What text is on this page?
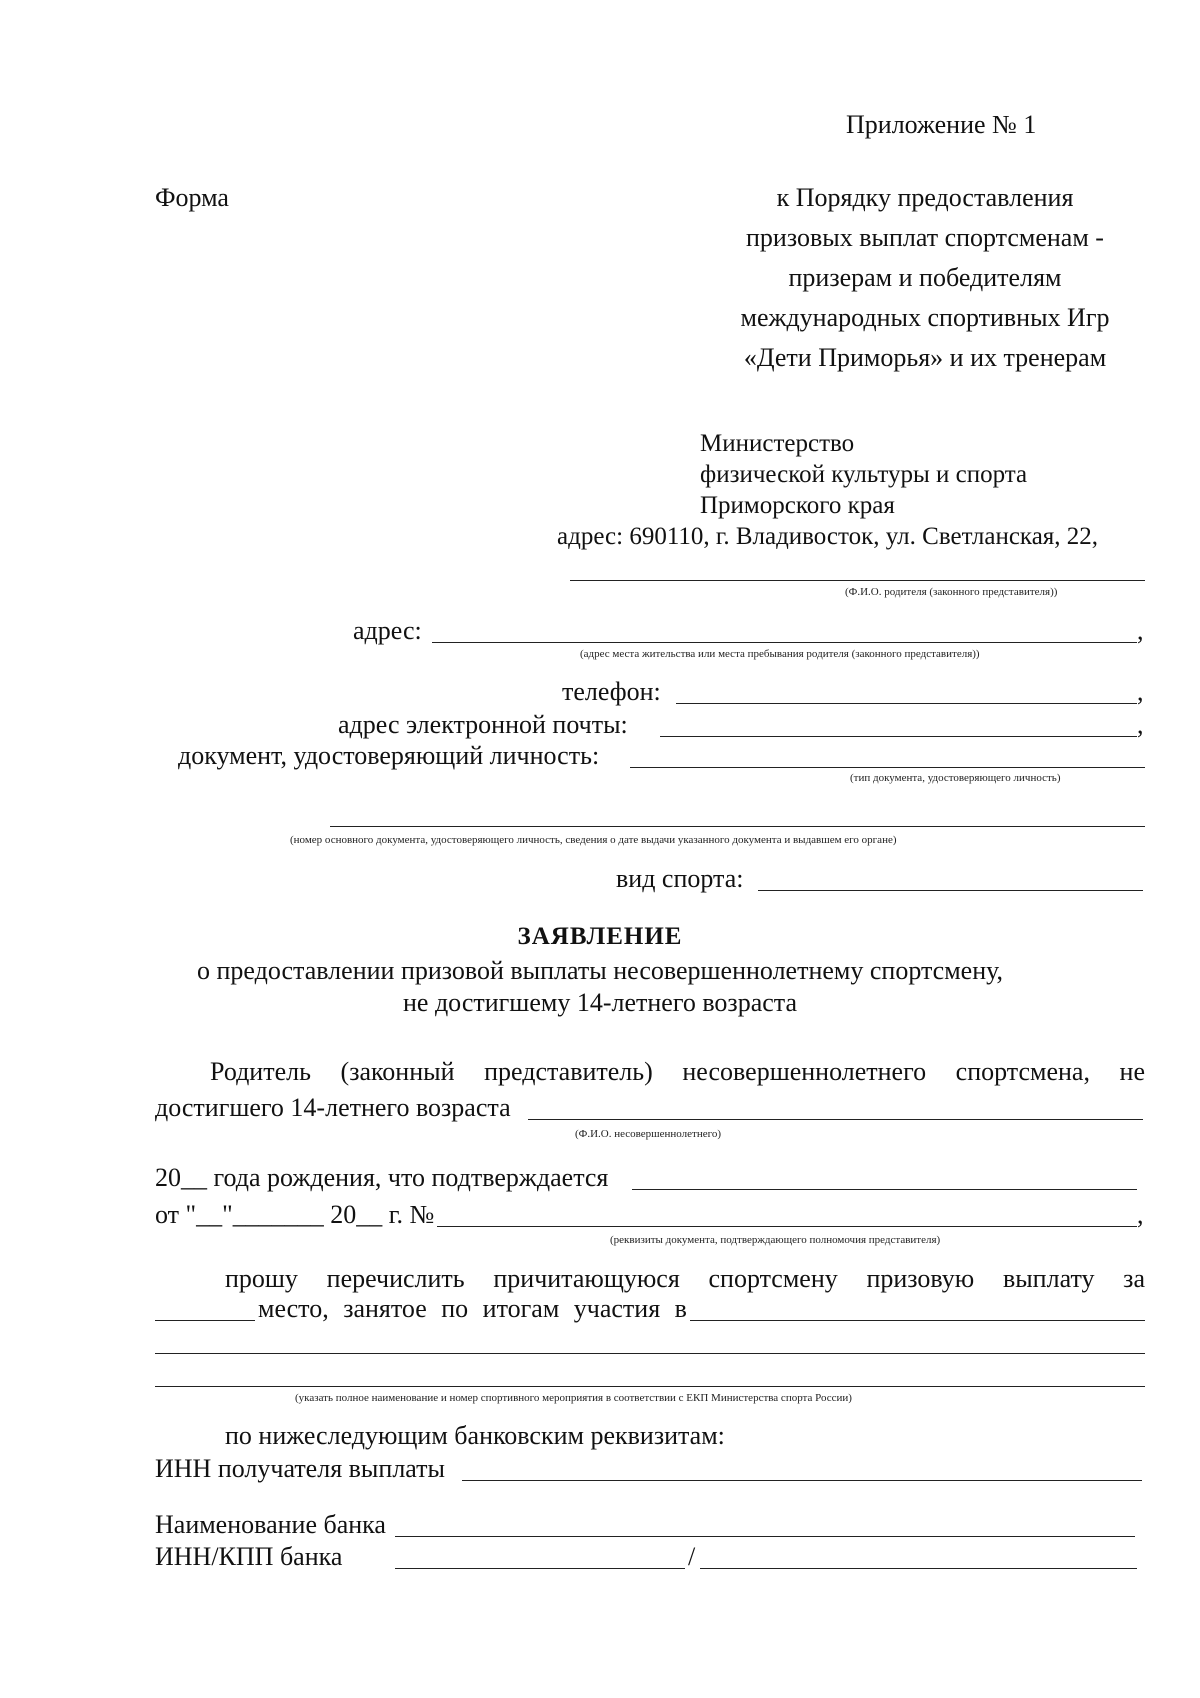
Приложение № 1
Форма	к Порядку предоставления
призовых выплат спортсменам -
призерам и победителям
международных спортивных Игр
«Дети Приморья» и их тренерам
Министерство
физической культуры и спорта
Приморского края
адрес: 690110, г. Владивосток, ул. Светланская, 22,
(Ф.И.О. родителя (законного представителя))
адрес:	,
(адрес места жительства или места пребывания родителя (законного представителя))
телефон:	,
адрес электронной почты:	,
документ, удостоверяющий личность:
(тип документа, удостоверяющего личность)
(номер основного документа, удостоверяющего личность, сведения о дате выдачи указанного документа и выдавшем его органе)
вид спорта:
ЗАЯВЛЕНИЕ
о предоставлении призовой выплаты несовершеннолетнему спортсмену,
не достигшему 14-летнего возраста
Родитель (законный представитель) несовершеннолетнего спортсмена, не
достигшего 14-летнего возраста
(Ф.И.О. несовершеннолетнего)
20__ года рождения, что подтверждается
от "__"_______ 20__ г. №	,
(реквизиты документа, подтверждающего полномочия представителя)
прошу перечислить причитающуюся спортсмену призовую выплату за
место, занятое по итогам участия в
(указать полное наименование и номер спортивного мероприятия в соответствии с ЕКП Министерства спорта России)
по нижеследующим банковским реквизитам:
ИНН получателя выплаты
Наименование банка
ИНН/КПП банка	/
